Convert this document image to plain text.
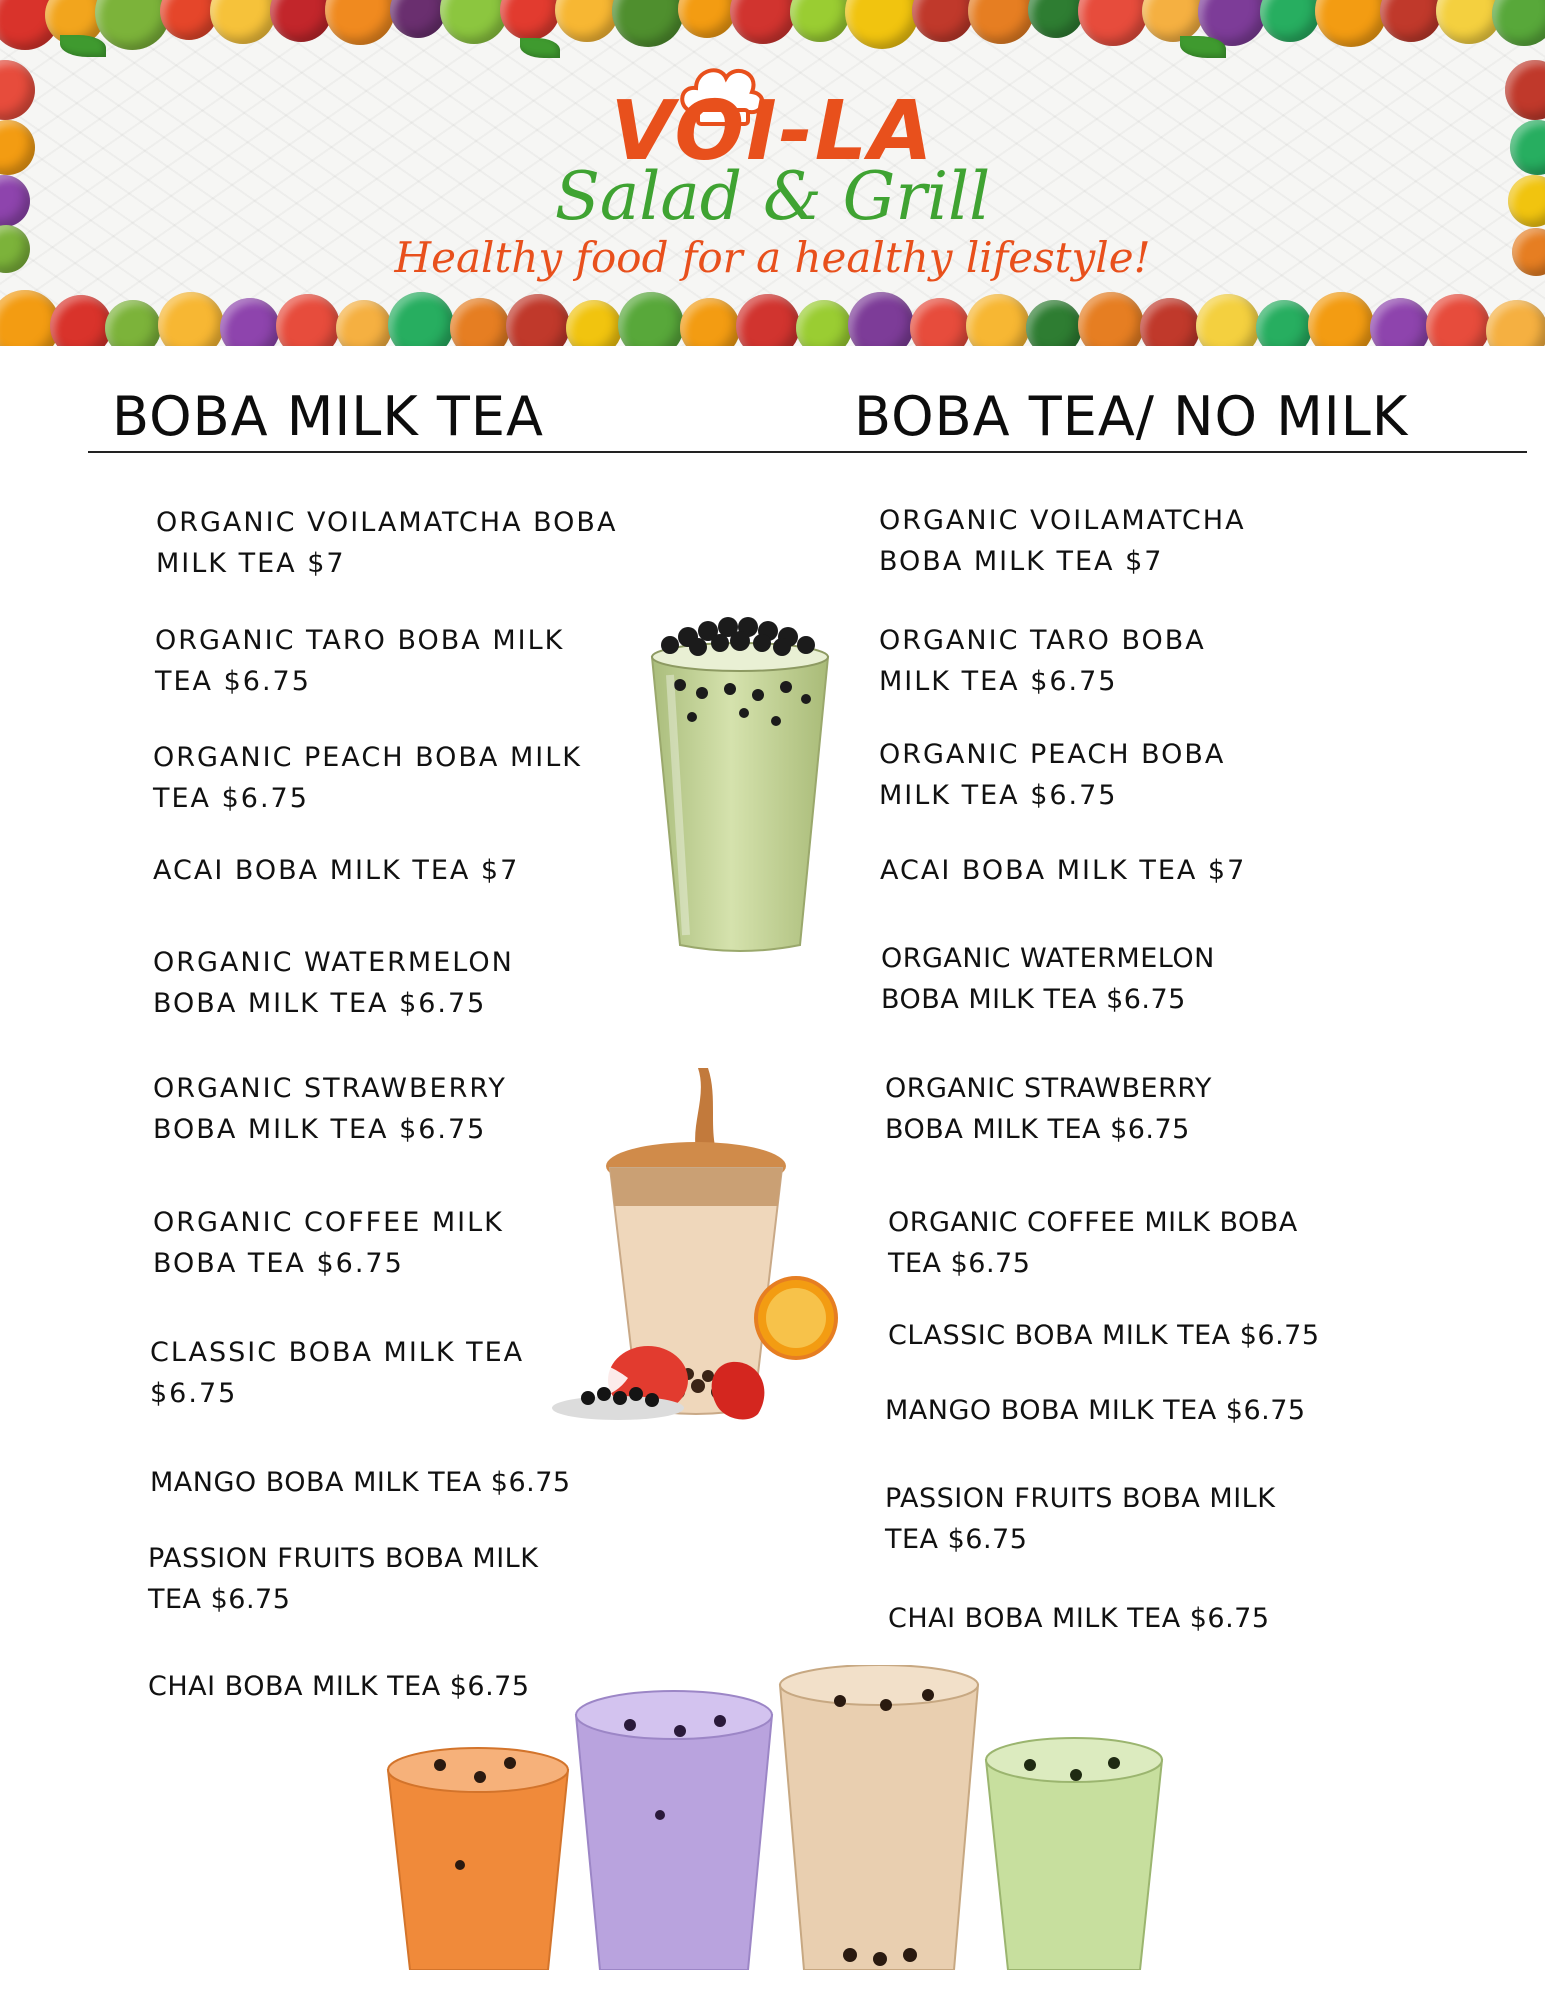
VOI-LA

Salad & Grill

Healthy food for a healthy lifestyle!

BOBA MILK TEA	BOBA TEA/ NO MILK

ORGANIC VOILAMATCHA BOBA
MILK TEA $7

ORGANIC TARO BOBA MILK
TEA $6.75

ORGANIC PEACH BOBA MILK
TEA $6.75

ACAI BOBA MILK TEA $7

ORGANIC WATERMELON
BOBA MILK TEA $6.75

ORGANIC STRAWBERRY
BOBA MILK TEA $6.75

ORGANIC COFFEE MILK
BOBA TEA $6.75

CLASSIC BOBA MILK TEA
$6.75

MANGO BOBA MILK TEA $6.75

PASSION FRUITS BOBA MILK
TEA $6.75

CHAI BOBA MILK TEA $6.75

ORGANIC VOILAMATCHA
BOBA MILK TEA $7

ORGANIC TARO BOBA
MILK TEA $6.75

ORGANIC PEACH BOBA
MILK TEA $6.75

ACAI BOBA MILK TEA $7

ORGANIC WATERMELON
BOBA MILK TEA $6.75

ORGANIC STRAWBERRY
BOBA MILK TEA $6.75

ORGANIC COFFEE MILK BOBA
TEA $6.75

CLASSIC BOBA MILK TEA $6.75

MANGO BOBA MILK TEA $6.75

PASSION FRUITS BOBA MILK
TEA $6.75

CHAI BOBA MILK TEA $6.75
